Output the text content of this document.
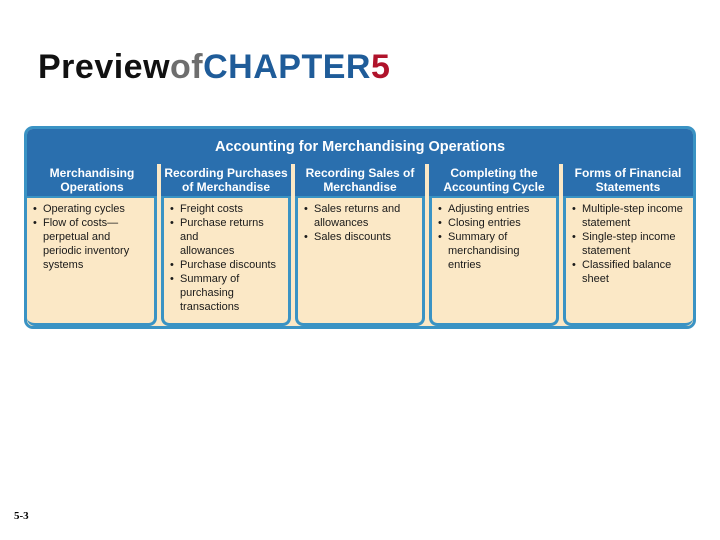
PreviewofCHAPTER5
Accounting for Merchandising Operations
Merchandising
Operations
• Operating cycles
• Flow of costs—
perpetual and
periodic inventory
systems
Recording Purchases
of Merchandise
• Freight costs
• Purchase returns and
allowances
• Purchase discounts
• Summary of
purchasing
transactions
Recording Sales of
Merchandise
• Sales returns and
allowances
• Sales discounts
Completing the
Accounting Cycle
• Adjusting entries
• Closing entries
• Summary of
merchandising
entries
Forms of Financial
Statements
• Multiple-step income
statement
• Single-step income
statement
• Classified balance
sheet
5-3
